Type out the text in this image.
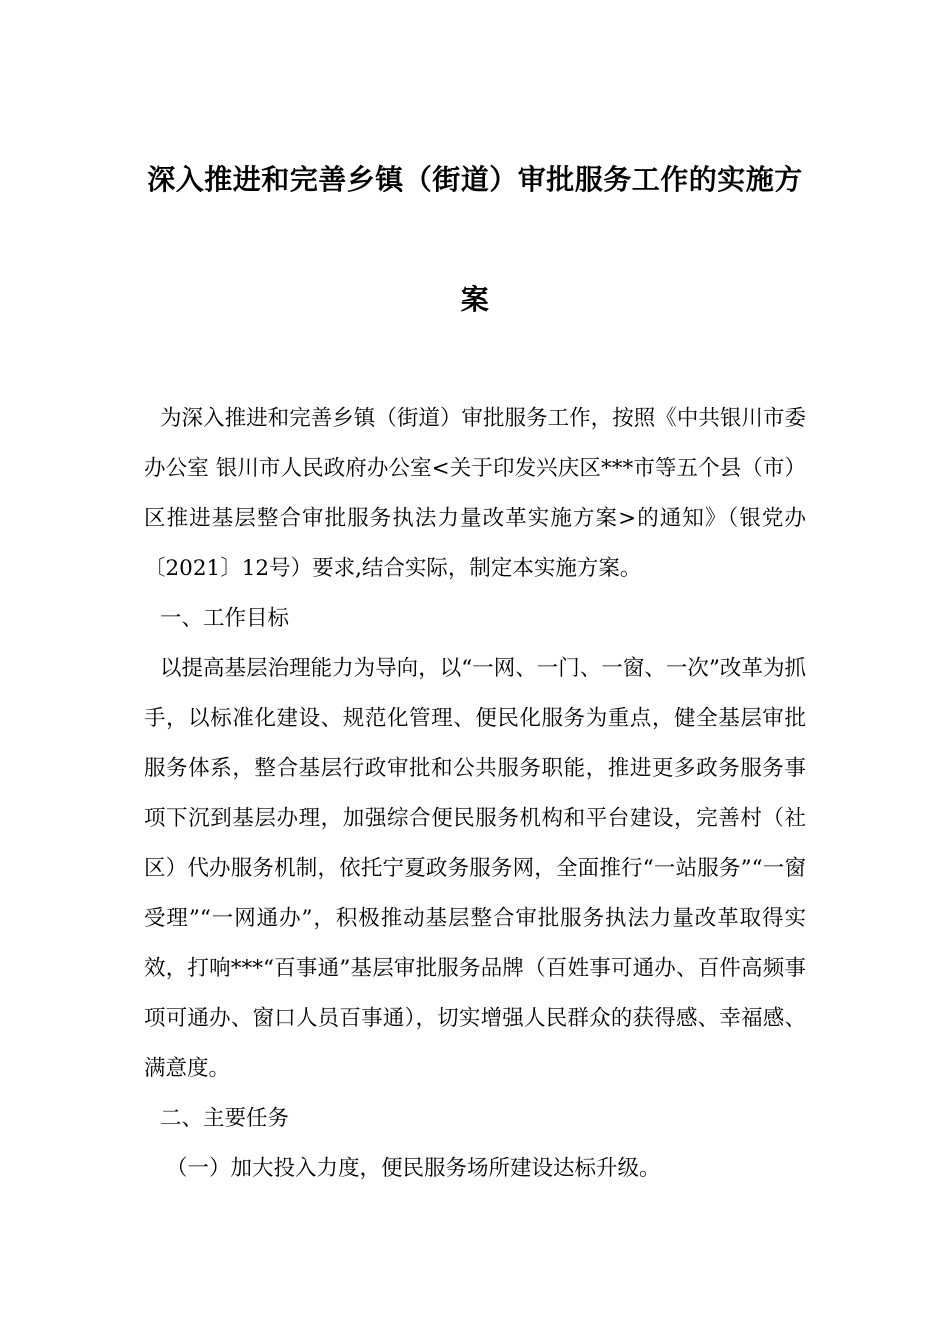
深入推进和完善乡镇（街道）审批服务工作的实施方
案

为深入推进和完善乡镇（街道）审批服务工作，按照《中共银川市委办公室 银川市人民政府办公室<关于印发兴庆区***市等五个县（市）区推进基层整合审批服务执法力量改革实施方案>的通知》（银党办〔2021〕12号）要求,结合实际，制定本实施方案。

一、工作目标

以提高基层治理能力为导向，以“一网、一门、一窗、一次”改革为抓手，以标准化建设、规范化管理、便民化服务为重点，健全基层审批服务体系，整合基层行政审批和公共服务职能，推进更多政务服务事项下沉到基层办理，加强综合便民服务机构和平台建设，完善村（社区）代办服务机制，依托宁夏政务服务网，全面推行“一站服务”“一窗受理”“一网通办”，积极推动基层整合审批服务执法力量改革取得实效，打响***“百事通”基层审批服务品牌（百姓事可通办、百件高频事项可通办、窗口人员百事通），切实增强人民群众的获得感、幸福感、满意度。

二、主要任务

（一）加大投入力度，便民服务场所建设达标升级。
